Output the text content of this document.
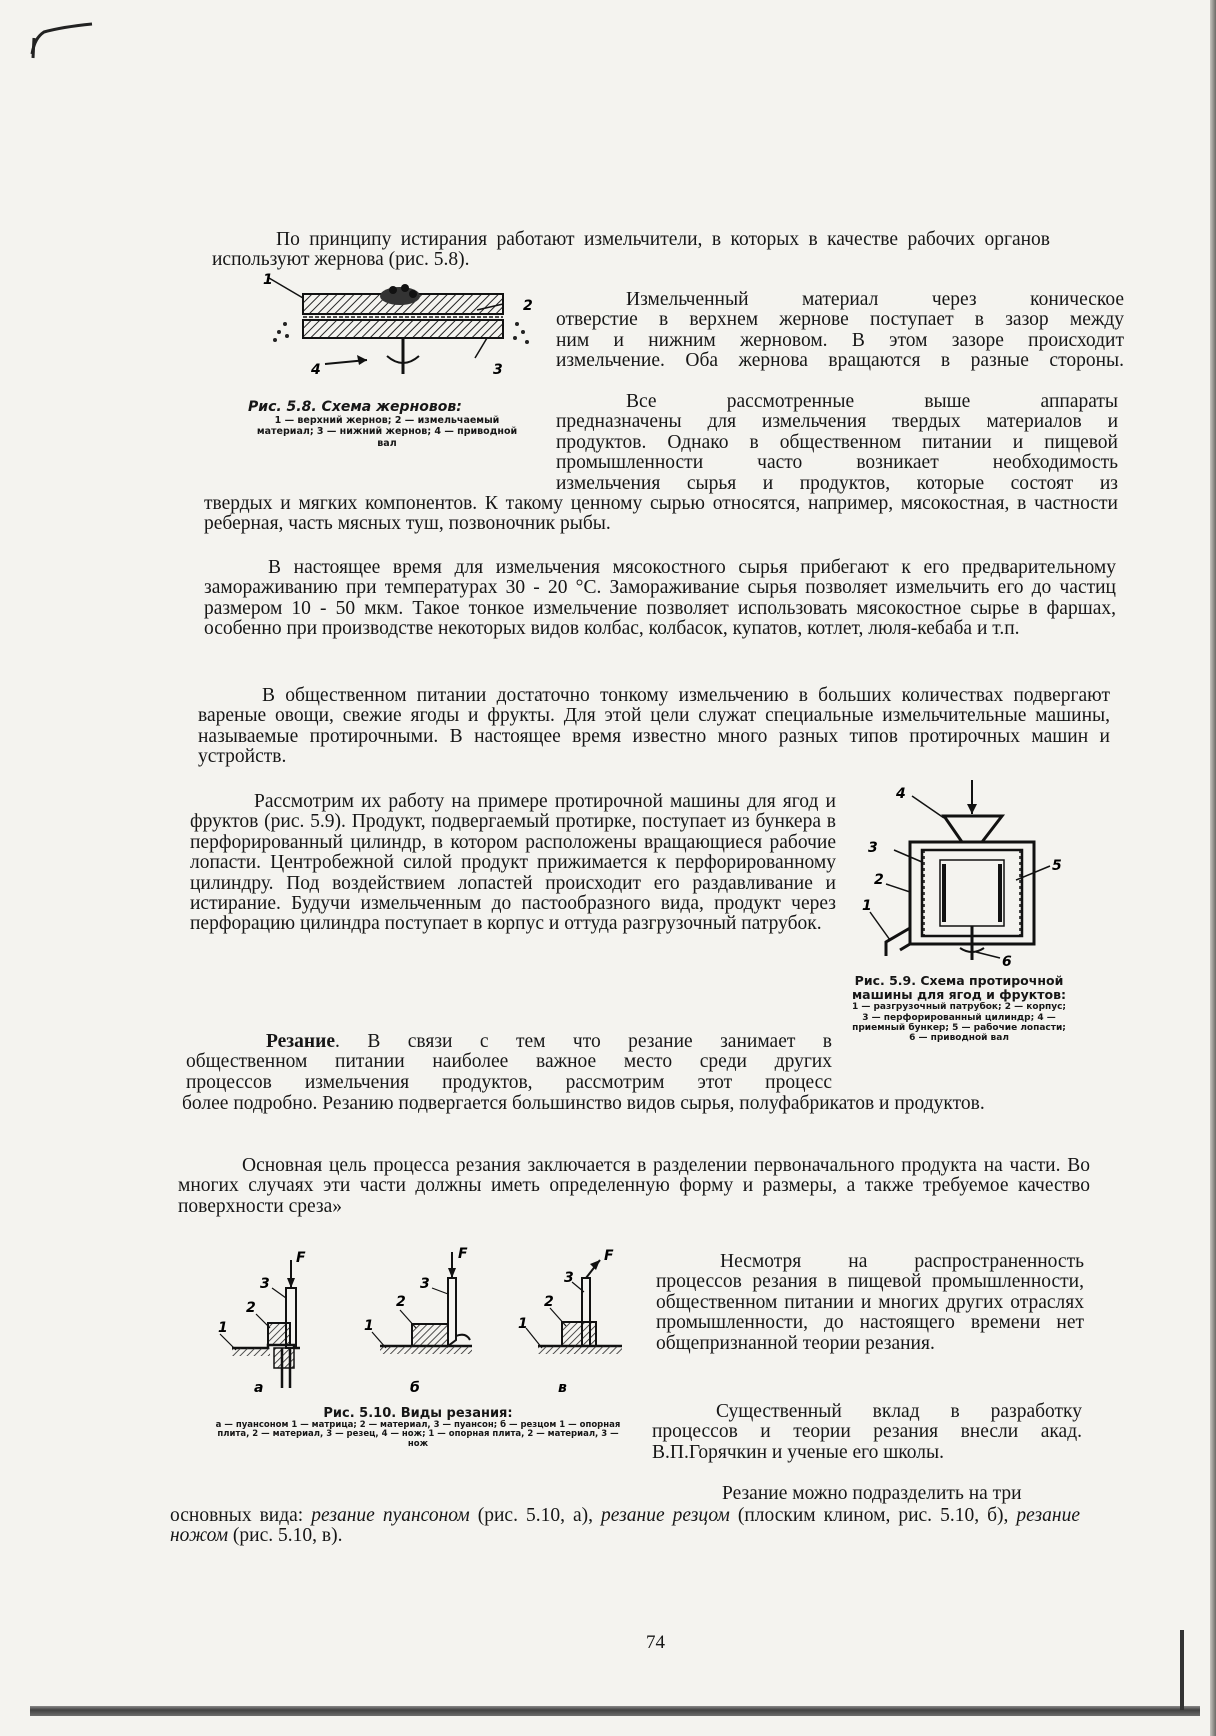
По принципу истирания работают измельчители, в которых в качестве рабочих органов используют жернова (рис. 5.8).

1
2
3
4

Рис. 5.8. Схема жерновов:
1 — верхний жернов; 2 — измельчаемый материал; 3 — нижний жернов; 4 — приводной вал

Измельченный материал через коническое
отверстие в верхнем жернове поступает в зазор между
ним и нижним жерновом. В этом зазоре происходит
измельчение. Оба жернова вращаются в разные стороны.
Все рассмотренные выше аппараты
предназначены для измельчения твердых материалов и
продуктов. Однако в общественном питании и пищевой
промышленности часто возникает необходимость
измельчения сырья и продуктов, которые состоят из

твердых и мягких компонентов. К такому ценному сырью относятся, например, мясокостная, в частности реберная, часть мясных туш, позвоночник рыбы.

В настоящее время для измельчения мясокостного сырья прибегают к его предварительному замораживанию при температурах 30 - 20 °С. Замораживание сырья позволяет измельчить его до частиц размером 10 - 50 мкм. Такое тонкое измельчение позволяет использовать мясокостное сырье в фаршах, особенно при производстве некоторых видов колбас, колбасок, купатов, котлет, люля-кебаба и т.п.

В общественном питании достаточно тонкому измельчению в больших количествах подвергают вареные овощи, свежие ягоды и фрукты. Для этой цели служат специальные измельчительные машины, называемые протирочными. В настоящее время известно много разных типов протирочных машин и устройств.

Рассмотрим их работу на примере протирочной машины для ягод и фруктов (рис. 5.9). Продукт, подвергаемый протирке, поступает из бункера в перфорированный цилиндр, в котором расположены вращающиеся рабочие лопасти. Центробежной силой продукт прижимается к перфорированному цилиндру. Под воздействием лопастей происходит его раздавливание и истирание. Будучи измельченным до пастообразного вида, продукт через перфорацию цилиндра поступает в корпус и оттуда разгрузочный патрубок.

1
2
3
4
5
6

Рис. 5.9. Схема протирочной машины для ягод и фруктов:
1 — разгрузочный патрубок; 2 — корпус; 3 — перфорированный цилиндр; 4 — приемный бункер; 5 — рабочие лопасти; 6 — приводной вал

Резание. В связи с тем что резание занимает в
общественном питании наиболее важное место среди других
процессов измельчения продуктов, рассмотрим этот процесс

более подробно. Резанию подвергается большинство видов сырья, полуфабрикатов и продуктов.

Основная цель процесса резания заключается в разделении первоначального продукта на части. Во многих случаях эти части должны иметь определенную форму и размеры, а также требуемое качество поверхности среза»

F
3
2
1
а
F
3
2
1
б
F
3
2
1
в

Рис. 5.10. Виды резания:
а — пуансоном 1 — матрица; 2 — материал, 3 — пуансон; б — резцом 1 — опорная плита, 2 — материал, 3 — резец, 4 — нож; 1 — опорная плита, 2 — материал, 3 — нож

Несмотря на распространенность процессов резания в пищевой промышленности, общественном питании и многих других отраслях промышленности, до настоящего времени нет общепризнанной теории резания.

Существенный вклад в разработку процессов и теории резания внесли акад. В.П.Горячкин и ученые его школы.

Резание можно подразделить на три

основных вида: резание пуансоном (рис. 5.10, а), резание резцом (плоским клином, рис. 5.10, б), резание ножом (рис. 5.10, в).

74
